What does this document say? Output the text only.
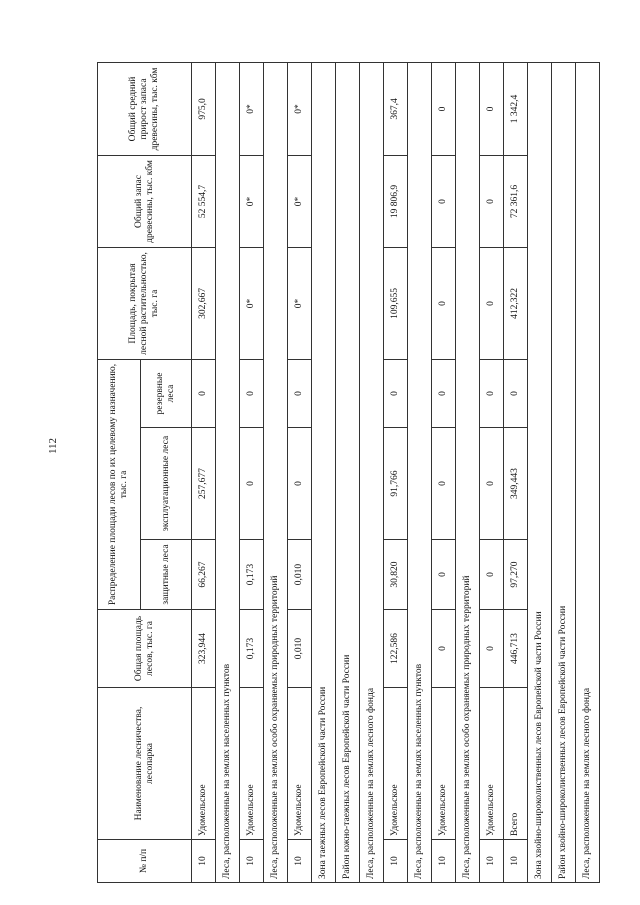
112
№ п/п	Наименование лесничества, лесопарка	Общая площадь лесов, тыс. га	Распределение площади лесов по их целевому назначению, тыс. га			Площадь, покрытая лесной растительностью, тыс. га	Общий запас древесины, тыс. кбм	Общий средний прирост запаса древесины, тыс. кбм
			защитные леса	эксплуатационные леса	резервные леса			
10	Удомельское	323,944	66,267	257,677	0	302,667	52 554,7	975,0
Леса, расположенные на землях населенных пунктов								
10	Удомельское	0,173	0,173	0	0	0*	0*	0*
Леса, расположенные на землях особо охраняемых природных территорий								
10	Удомельское	0,010	0,010	0	0	0*	0*	0*
Зона таежных лесов Европейской части России								
Район южно-таежных лесов Европейской части России								
Леса, расположенные на землях лесного фонда								
10	Удомельское	122,586	30,820	91,766	0	109,655	19 806,9	367,4
Леса, расположенные на землях населенных пунктов								
10	Удомельское	0	0	0	0	0	0	0
Леса, расположенные на землях особо охраняемых природных территорий								
10	Удомельское	0	0	0	0	0	0	0
10	Всего	446,713	97,270	349,443	0	412,322	72 361,6	1 342,4
Зона хвойно-широколиственных лесов Европейской части России								
Район хвойно-широколиственных лесов Европейской части России								
Леса, расположенные на землях лесного фонда								
